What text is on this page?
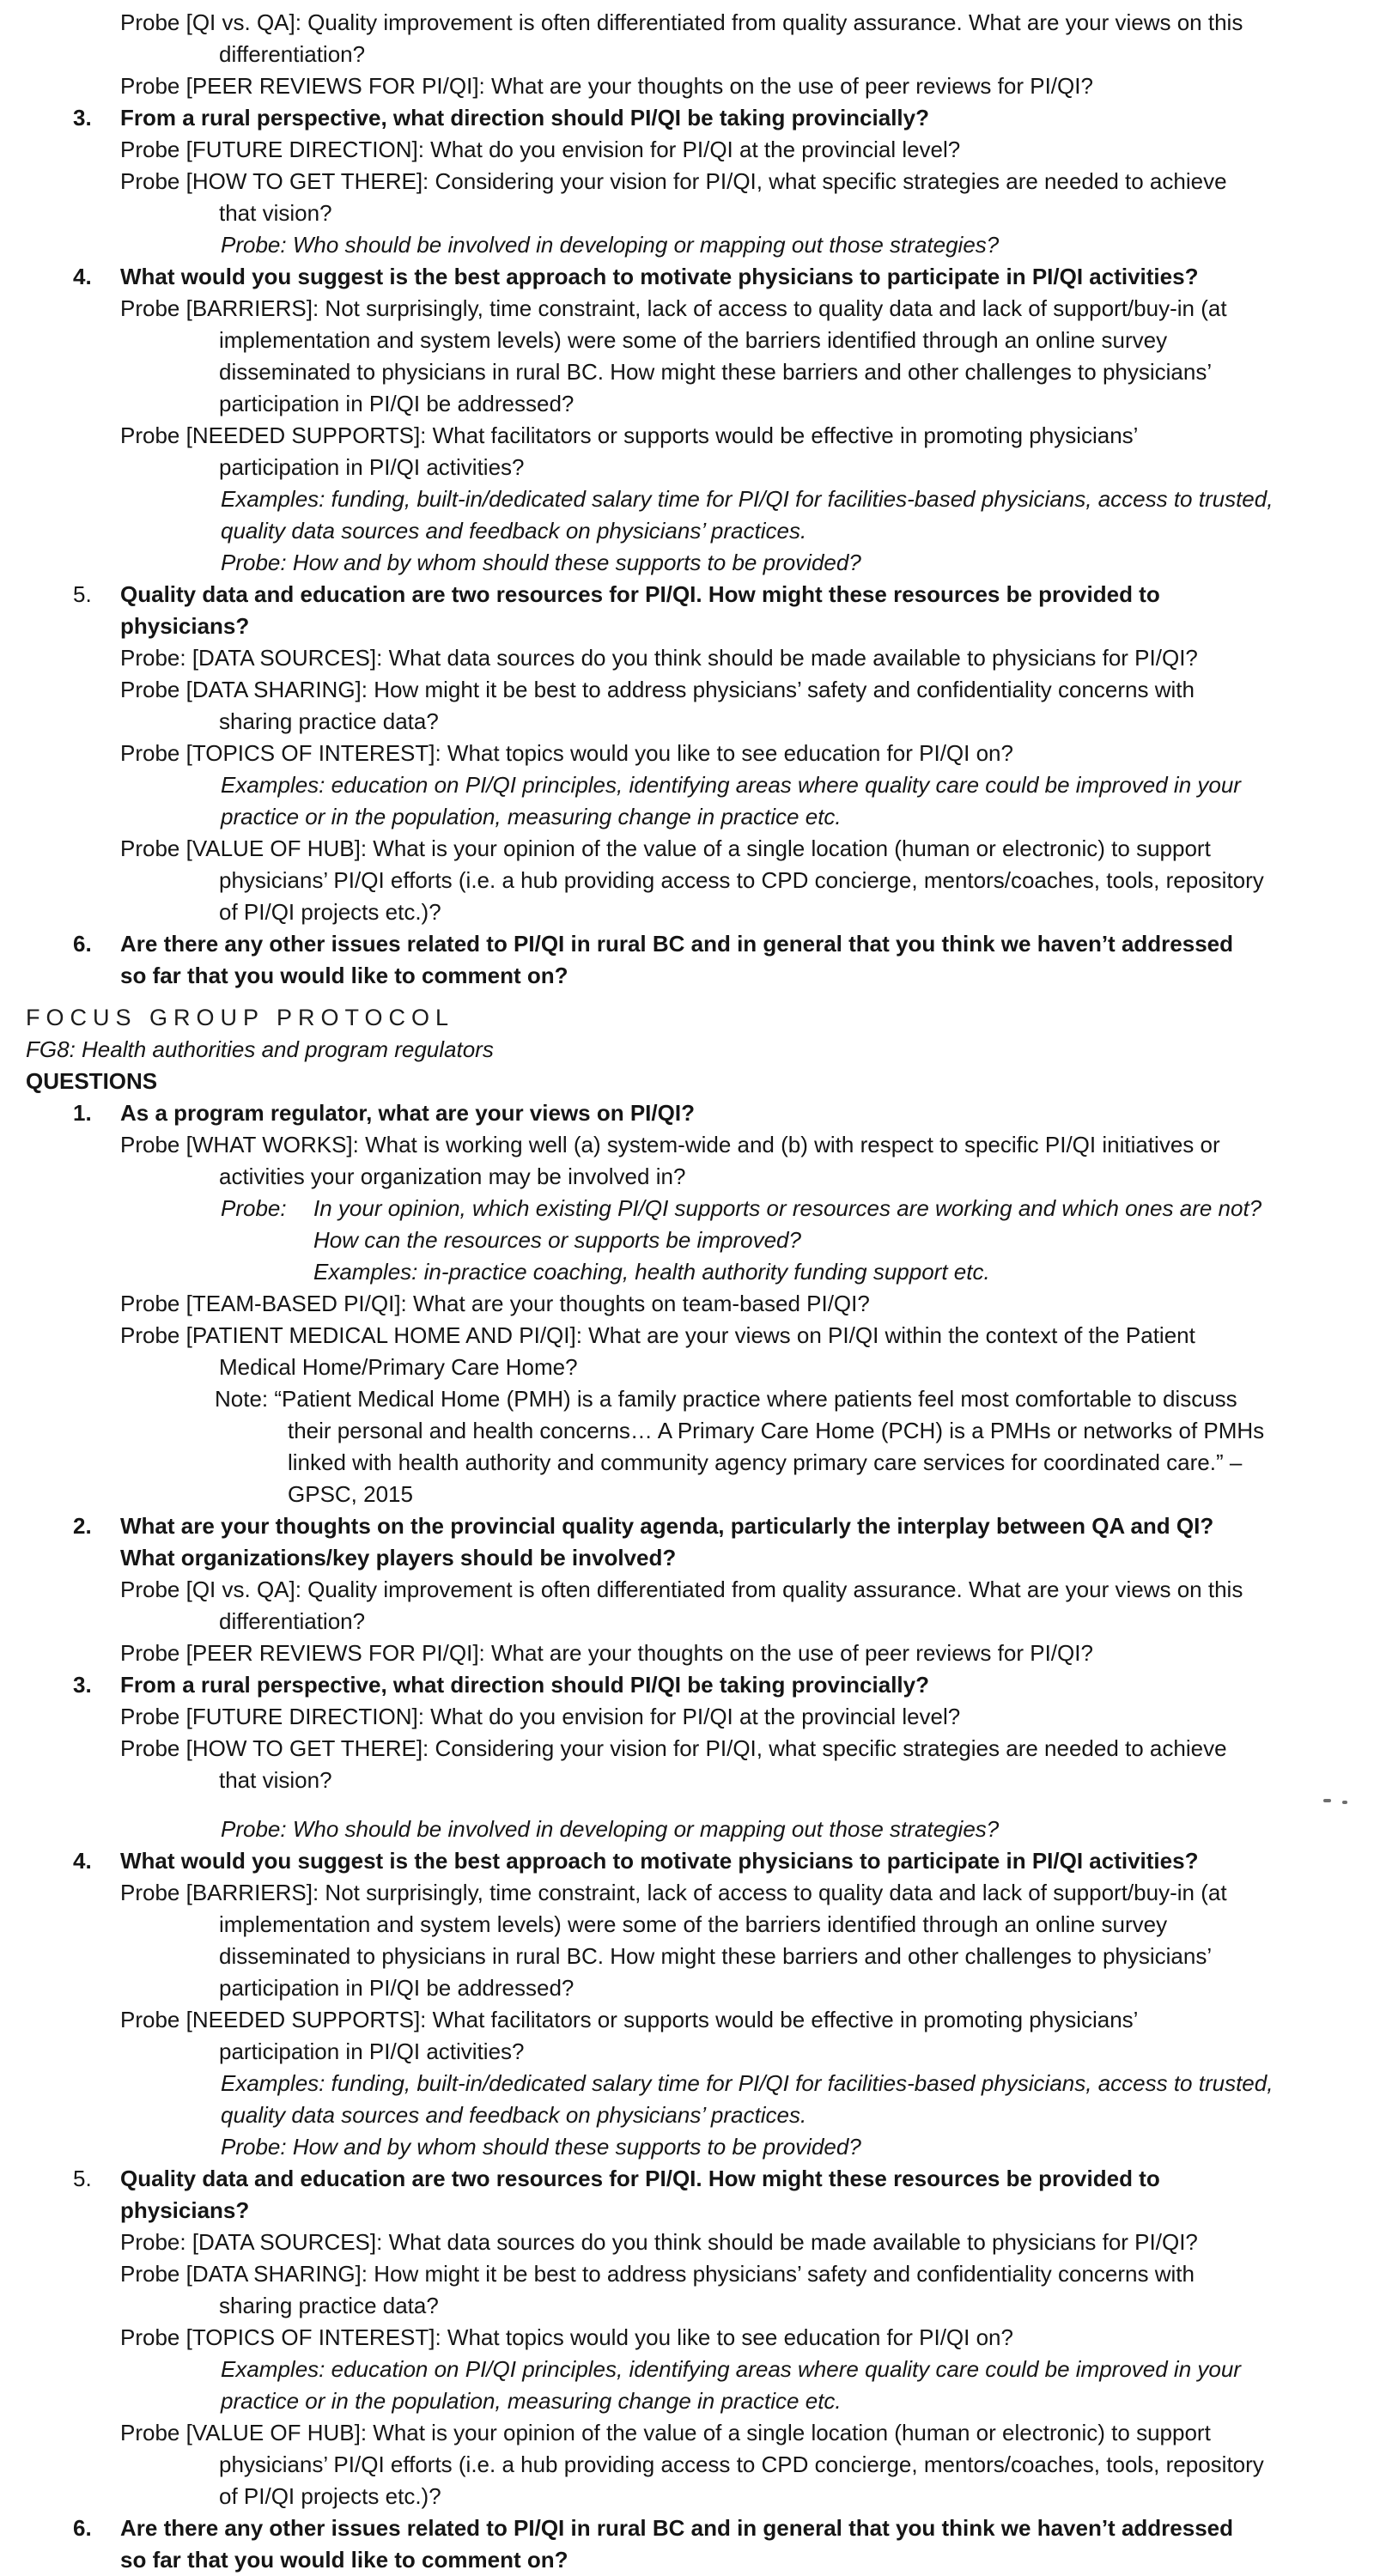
Probe [QI vs. QA]: Quality improvement is often differentiated from quality assurance. What are your views on this
differentiation?
Probe [PEER REVIEWS FOR PI/QI]: What are your thoughts on the use of peer reviews for PI/QI?
3. From a rural perspective, what direction should PI/QI be taking provincially?
Probe [FUTURE DIRECTION]: What do you envision for PI/QI at the provincial level?
Probe [HOW TO GET THERE]: Considering your vision for PI/QI, what specific strategies are needed to achieve
that vision?
Probe: Who should be involved in developing or mapping out those strategies?
4. What would you suggest is the best approach to motivate physicians to participate in PI/QI activities?
Probe [BARRIERS]: Not surprisingly, time constraint, lack of access to quality data and lack of support/buy-in (at
implementation and system levels) were some of the barriers identified through an online survey
disseminated to physicians in rural BC. How might these barriers and other challenges to physicians’
participation in PI/QI be addressed?
Probe [NEEDED SUPPORTS]: What facilitators or supports would be effective in promoting physicians’
participation in PI/QI activities?
Examples: funding, built-in/dedicated salary time for PI/QI for facilities-based physicians, access to trusted,
quality data sources and feedback on physicians’ practices.
Probe: How and by whom should these supports to be provided?
5. Quality data and education are two resources for PI/QI. How might these resources be provided to
physicians?
Probe: [DATA SOURCES]: What data sources do you think should be made available to physicians for PI/QI?
Probe [DATA SHARING]: How might it be best to address physicians’ safety and confidentiality concerns with
sharing practice data?
Probe [TOPICS OF INTEREST]: What topics would you like to see education for PI/QI on?
Examples: education on PI/QI principles, identifying areas where quality care could be improved in your
practice or in the population, measuring change in practice etc.
Probe [VALUE OF HUB]: What is your opinion of the value of a single location (human or electronic) to support
physicians’ PI/QI efforts (i.e. a hub providing access to CPD concierge, mentors/coaches, tools, repository
of PI/QI projects etc.)?
6. Are there any other issues related to PI/QI in rural BC and in general that you think we haven’t addressed
so far that you would like to comment on?
FOCUS GROUP PROTOCOL
FG8: Health authorities and program regulators
QUESTIONS
1. As a program regulator, what are your views on PI/QI?
Probe [WHAT WORKS]: What is working well (a) system-wide and (b) with respect to specific PI/QI initiatives or
activities your organization may be involved in?
Probe: In your opinion, which existing PI/QI supports or resources are working and which ones are not?
How can the resources or supports be improved?
Examples: in-practice coaching, health authority funding support etc.
Probe [TEAM-BASED PI/QI]: What are your thoughts on team-based PI/QI?
Probe [PATIENT MEDICAL HOME AND PI/QI]: What are your views on PI/QI within the context of the Patient
Medical Home/Primary Care Home?
Note: “Patient Medical Home (PMH) is a family practice where patients feel most comfortable to discuss
their personal and health concerns… A Primary Care Home (PCH) is a PMHs or networks of PMHs
linked with health authority and community agency primary care services for coordinated care.” –
GPSC, 2015
2. What are your thoughts on the provincial quality agenda, particularly the interplay between QA and QI?
What organizations/key players should be involved?
Probe [QI vs. QA]: Quality improvement is often differentiated from quality assurance. What are your views on this
differentiation?
Probe [PEER REVIEWS FOR PI/QI]: What are your thoughts on the use of peer reviews for PI/QI?
3. From a rural perspective, what direction should PI/QI be taking provincially?
Probe [FUTURE DIRECTION]: What do you envision for PI/QI at the provincial level?
Probe [HOW TO GET THERE]: Considering your vision for PI/QI, what specific strategies are needed to achieve
that vision?
Probe: Who should be involved in developing or mapping out those strategies?
4. What would you suggest is the best approach to motivate physicians to participate in PI/QI activities?
Probe [BARRIERS]: Not surprisingly, time constraint, lack of access to quality data and lack of support/buy-in (at
implementation and system levels) were some of the barriers identified through an online survey
disseminated to physicians in rural BC. How might these barriers and other challenges to physicians’
participation in PI/QI be addressed?
Probe [NEEDED SUPPORTS]: What facilitators or supports would be effective in promoting physicians’
participation in PI/QI activities?
Examples: funding, built-in/dedicated salary time for PI/QI for facilities-based physicians, access to trusted,
quality data sources and feedback on physicians’ practices.
Probe: How and by whom should these supports to be provided?
5. Quality data and education are two resources for PI/QI. How might these resources be provided to
physicians?
Probe: [DATA SOURCES]: What data sources do you think should be made available to physicians for PI/QI?
Probe [DATA SHARING]: How might it be best to address physicians’ safety and confidentiality concerns with
sharing practice data?
Probe [TOPICS OF INTEREST]: What topics would you like to see education for PI/QI on?
Examples: education on PI/QI principles, identifying areas where quality care could be improved in your
practice or in the population, measuring change in practice etc.
Probe [VALUE OF HUB]: What is your opinion of the value of a single location (human or electronic) to support
physicians’ PI/QI efforts (i.e. a hub providing access to CPD concierge, mentors/coaches, tools, repository
of PI/QI projects etc.)?
6. Are there any other issues related to PI/QI in rural BC and in general that you think we haven’t addressed
so far that you would like to comment on?
